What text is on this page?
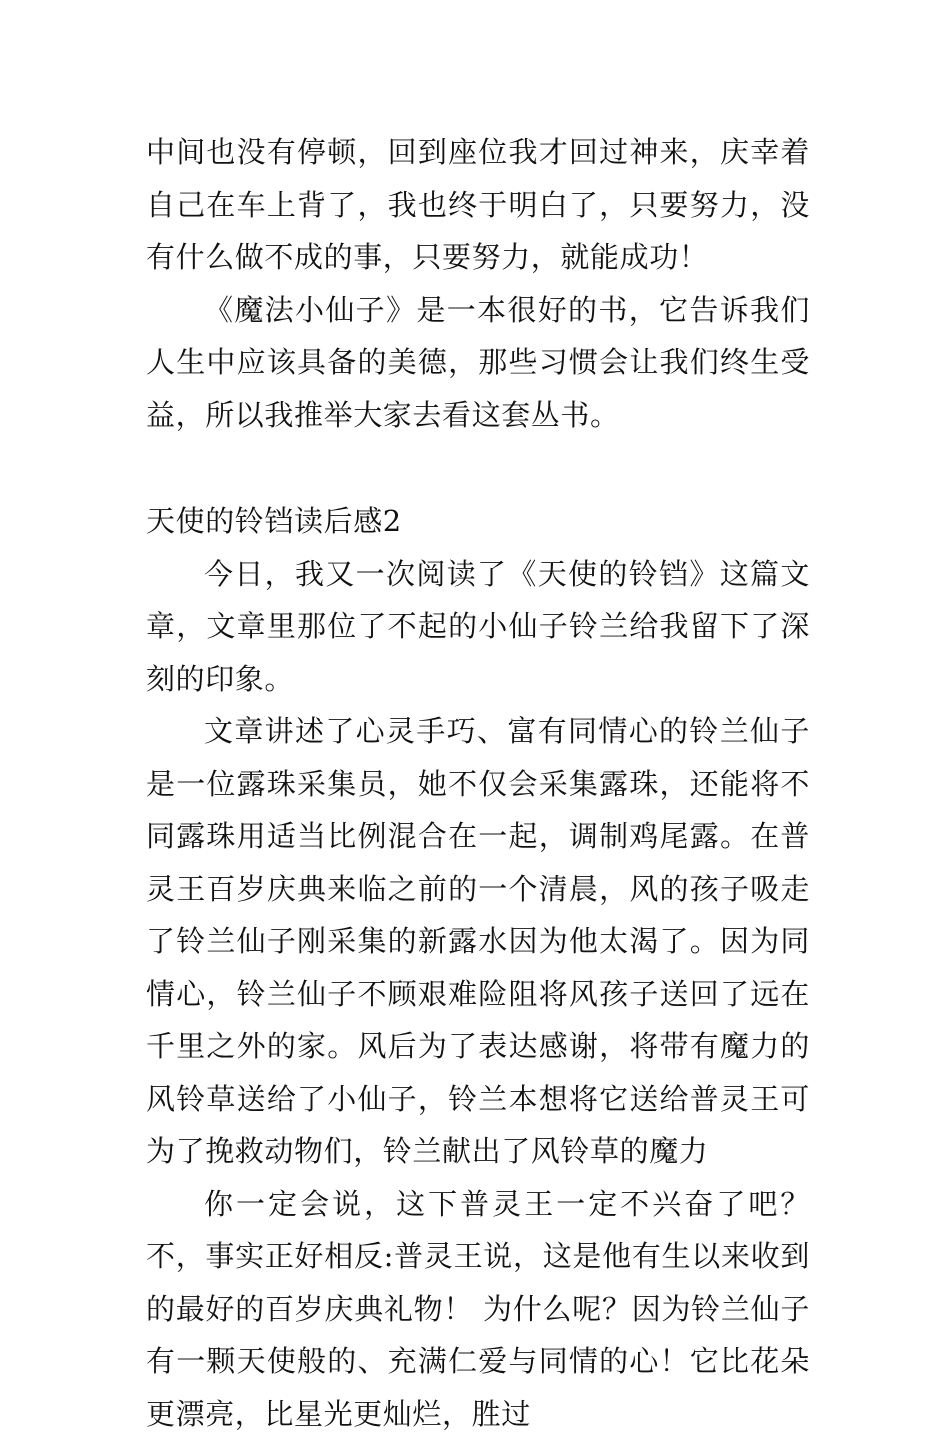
中间也没有停顿，回到座位我才回过神来，庆幸着自己在车上背了，我也终于明白了，只要努力，没有什么做不成的事，只要努力，就能成功！

《魔法小仙子》是一本很好的书，它告诉我们人生中应该具备的美德，那些习惯会让我们终生受益，所以我推举大家去看这套丛书。

天使的铃铛读后感2

今日，我又一次阅读了《天使的铃铛》这篇文章，文章里那位了不起的小仙子铃兰给我留下了深刻的印象。

文章讲述了心灵手巧、富有同情心的铃兰仙子是一位露珠采集员，她不仅会采集露珠，还能将不同露珠用适当比例混合在一起，调制鸡尾露。在普灵王百岁庆典来临之前的一个清晨，风的孩子吸走了铃兰仙子刚采集的新露水因为他太渴了。因为同情心，铃兰仙子不顾艰难险阻将风孩子送回了远在千里之外的家。风后为了表达感谢，将带有魔力的风铃草送给了小仙子，铃兰本想将它送给普灵王可为了挽救动物们，铃兰献出了风铃草的魔力

你一定会说，这下普灵王一定不兴奋了吧？不，事实正好相反:普灵王说，这是他有生以来收到的最好的百岁庆典礼物！ 为什么呢？因为铃兰仙子有一颗天使般的、充满仁爱与同情的心！它比花朵更漂亮，比星光更灿烂，胜过
